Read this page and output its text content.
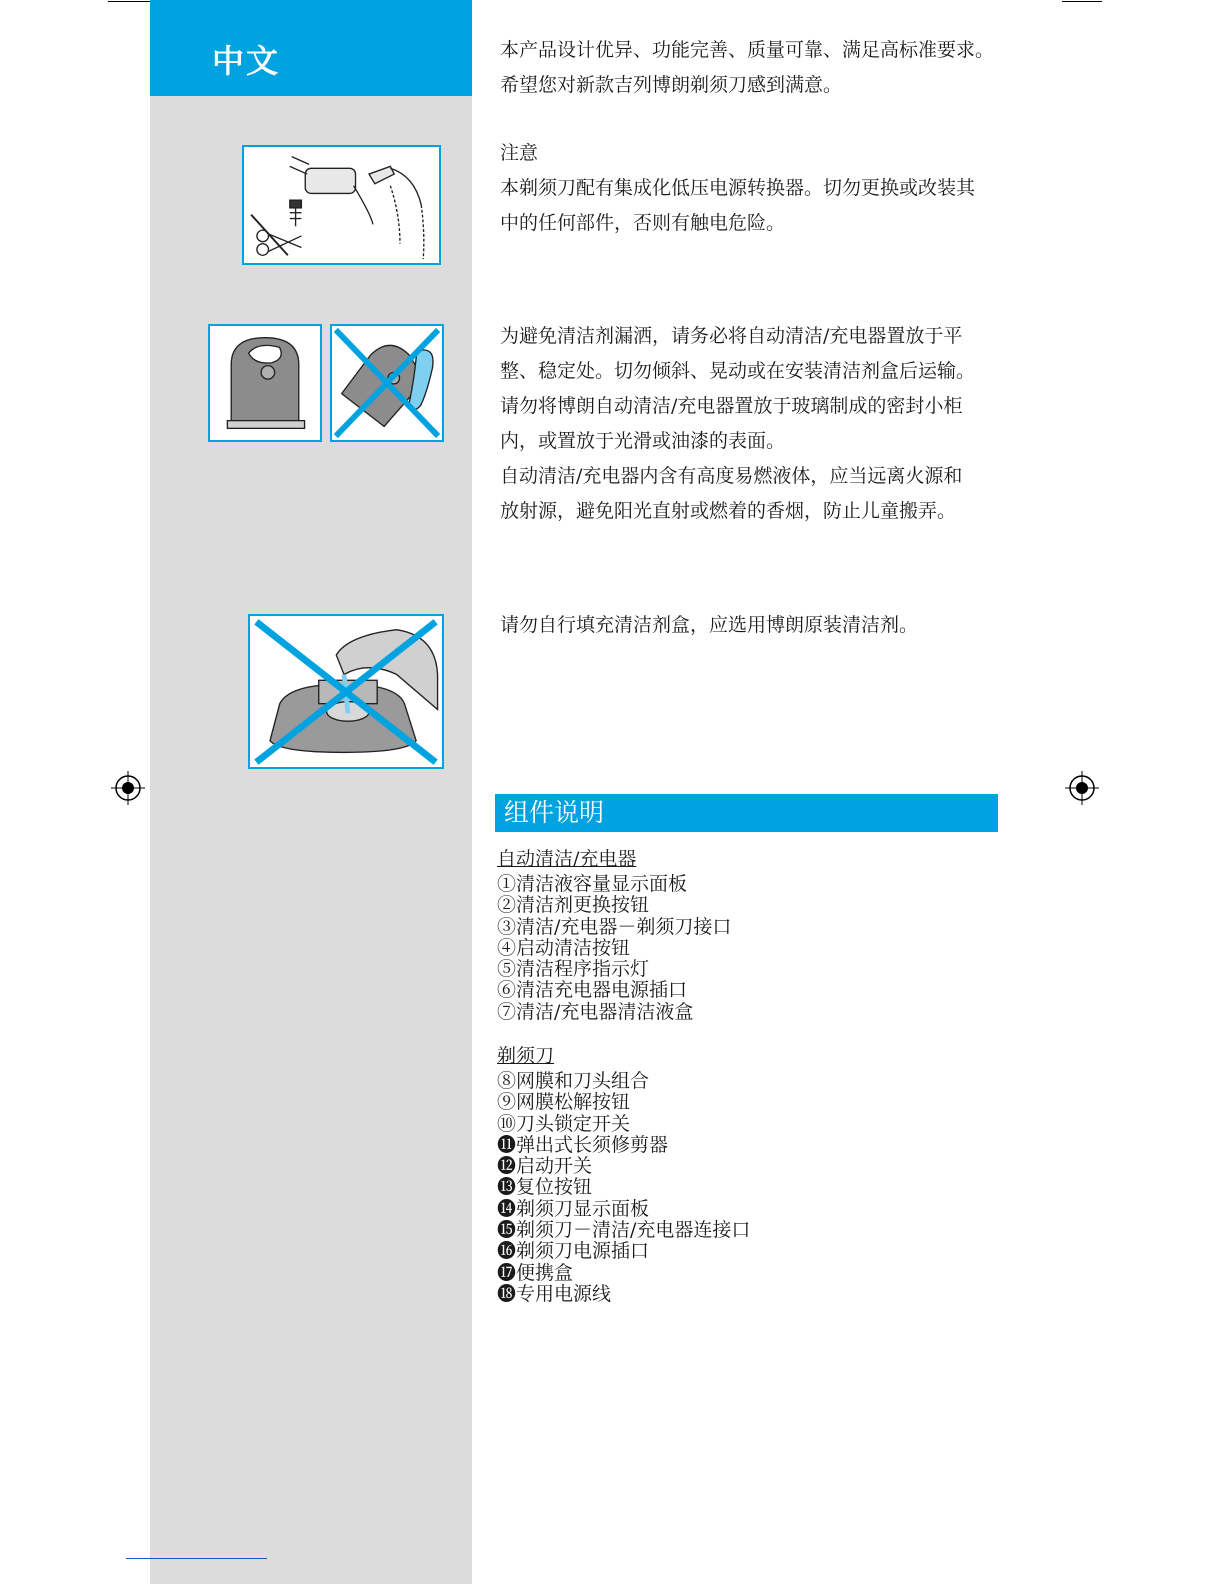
中文	本产品设计优异、功能完善、质量可靠、满足高标准要求。

希望您对新款吉列博朗剃须刀感到满意。

注意

本剃须刀配有集成化低压电源转换器。切勿更换或改装其

中的任何部件，否则有触电危险。

为避免清洁剂漏洒，请务必将自动清洁/充电器置放于平

整、稳定处。切勿倾斜、晃动或在安装清洁剂盒后运输。

请勿将博朗自动清洁/充电器置放于玻璃制成的密封小柜

内，或置放于光滑或油漆的表面。

自动清洁/充电器内含有高度易燃液体，应当远离火源和

放射源，避免阳光直射或燃着的香烟，防止儿童搬弄。

请勿自行填充清洁剂盒，应选用博朗原装清洁剂。

组件说明
自动清洁/充电器
①清洁液容量显示面板
②清洁剂更换按钮
③清洁/充电器－剃须刀接口
④启动清洁按钮
⑤清洁程序指示灯
⑥清洁充电器电源插口
⑦清洁/充电器清洁液盒
剃须刀
⑧网膜和刀头组合
⑨网膜松解按钮
⑩刀头锁定开关
⓫弹出式长须修剪器
⓬启动开关
⓭复位按钮
⓮剃须刀显示面板
⓯剃须刀－清洁/充电器连接口
⓰剃须刀电源插口
⓱便携盒
⓲专用电源线
